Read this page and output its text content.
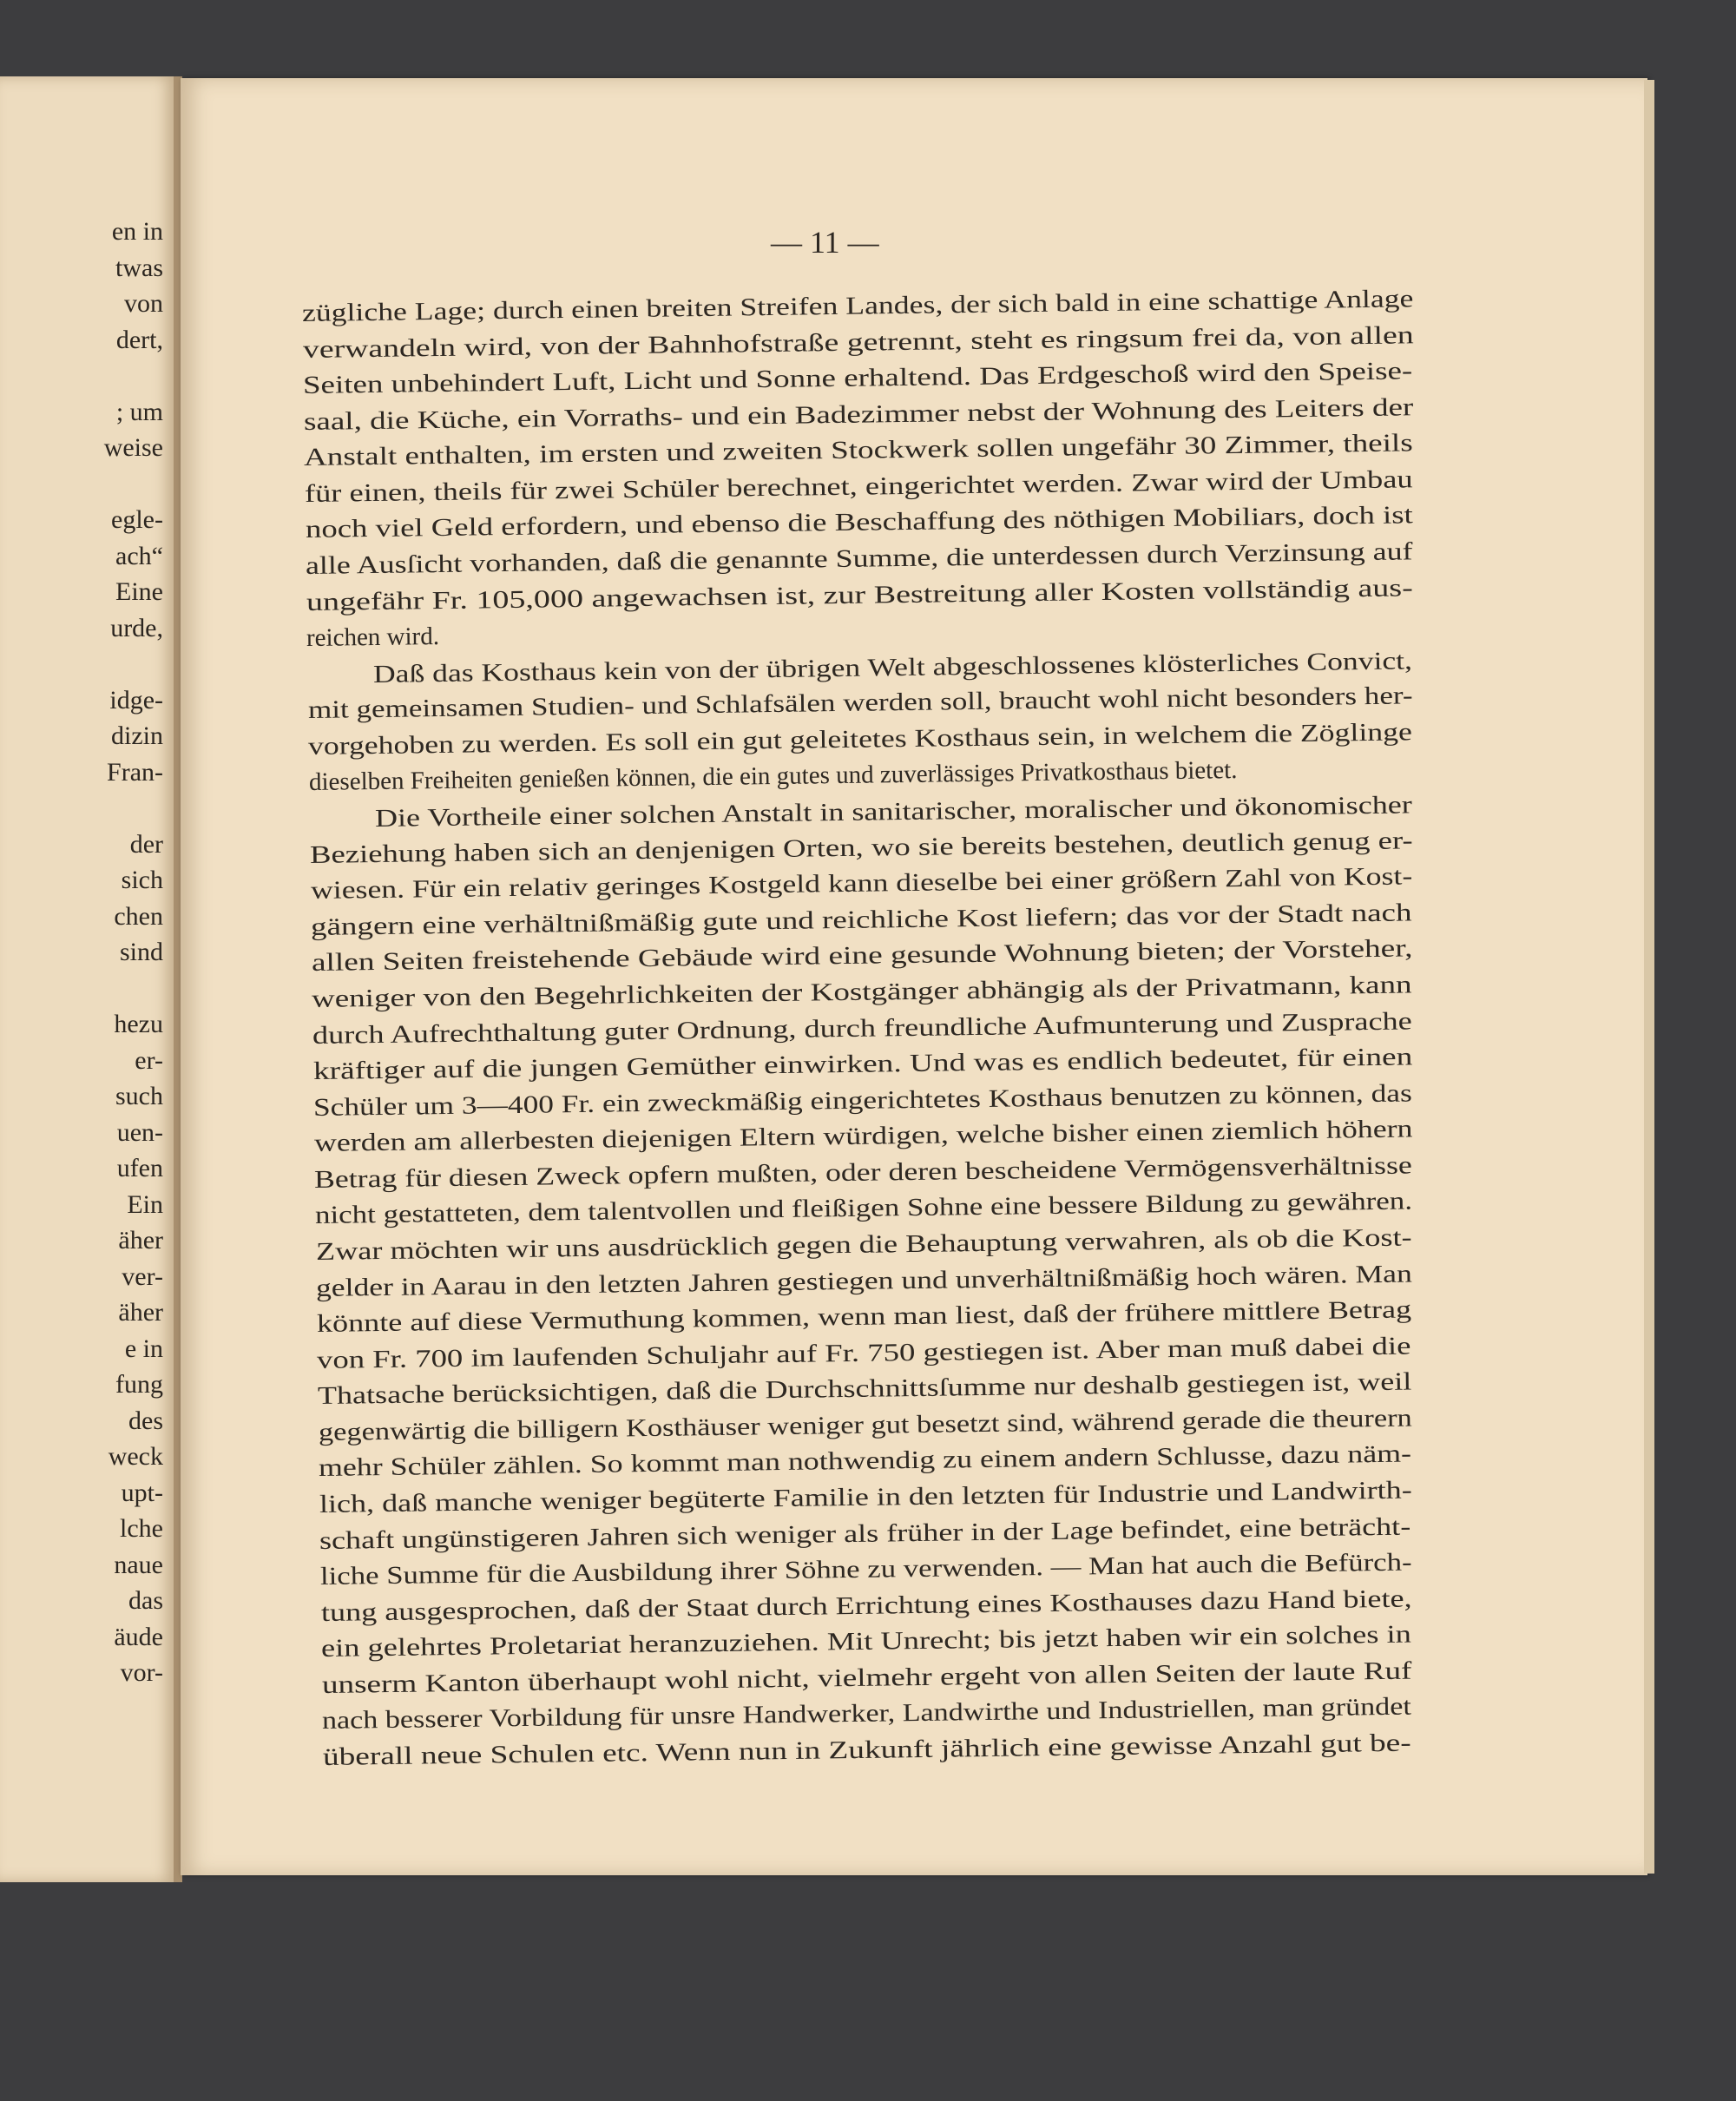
en in

twas

von

dert,

; um

weise

egle-

ach“

Eine

urde,

idge-

dizin

Fran-

der

sich

chen

sind

hezu

er-

such

uen-

ufen

Ein

äher

ver-

äher

e in

fung

des

weck

upt-

lche

naue

das

äude

vor-

— 11 —

zügliche Lage; durch einen breiten Streifen Landes, der sich bald in eine schattige Anlage

verwandeln wird, von der Bahnhofstraße getrennt, steht es ringsum frei da, von allen

Seiten unbehindert Luft, Licht und Sonne erhaltend. Das Erdgeschoß wird den Speise-

saal, die Küche, ein Vorraths- und ein Badezimmer nebst der Wohnung des Leiters der

Anstalt enthalten, im ersten und zweiten Stockwerk sollen ungefähr 30 Zimmer, theils

für einen, theils für zwei Schüler berechnet, eingerichtet werden. Zwar wird der Umbau

noch viel Geld erfordern, und ebenso die Beschaffung des nöthigen Mobiliars, doch ist

alle Ausſicht vorhanden, daß die genannte Summe, die unterdessen durch Verzinsung auf

ungefähr Fr. 105,000 angewachsen ist, zur Bestreitung aller Kosten vollständig aus-

reichen wird.

Daß das Kosthaus kein von der übrigen Welt abgeschlossenes klösterliches Convict,

mit gemeinsamen Studien- und Schlafsälen werden soll, braucht wohl nicht besonders her-

vorgehoben zu werden. Es soll ein gut geleitetes Kosthaus sein, in welchem die Zöglinge

dieselben Freiheiten genießen können, die ein gutes und zuverlässiges Privatkosthaus bietet.

Die Vortheile einer solchen Anstalt in sanitarischer, moralischer und ökonomischer

Beziehung haben sich an denjenigen Orten, wo sie bereits bestehen, deutlich genug er-

wiesen. Für ein relativ geringes Kostgeld kann dieselbe bei einer größern Zahl von Kost-

gängern eine verhältnißmäßig gute und reichliche Kost liefern; das vor der Stadt nach

allen Seiten freistehende Gebäude wird eine gesunde Wohnung bieten; der Vorsteher,

weniger von den Begehrlichkeiten der Kostgänger abhängig als der Privatmann, kann

durch Aufrechthaltung guter Ordnung, durch freundliche Aufmunterung und Zusprache

kräftiger auf die jungen Gemüther einwirken. Und was es endlich bedeutet, für einen

Schüler um 3—400 Fr. ein zweckmäßig eingerichtetes Kosthaus benutzen zu können, das

werden am allerbesten diejenigen Eltern würdigen, welche bisher einen ziemlich höhern

Betrag für diesen Zweck opfern mußten, oder deren bescheidene Vermögensverhältnisse

nicht gestatteten, dem talentvollen und fleißigen Sohne eine bessere Bildung zu gewähren.

Zwar möchten wir uns ausdrücklich gegen die Behauptung verwahren, als ob die Kost-

gelder in Aarau in den letzten Jahren gestiegen und unverhältnißmäßig hoch wären. Man

könnte auf diese Vermuthung kommen, wenn man liest, daß der frühere mittlere Betrag

von Fr. 700 im laufenden Schuljahr auf Fr. 750 gestiegen ist. Aber man muß dabei die

Thatsache berücksichtigen, daß die Durchschnittsſumme nur deshalb gestiegen ist, weil

gegenwärtig die billigern Kosthäuser weniger gut besetzt sind, während gerade die theurern

mehr Schüler zählen. So kommt man nothwendig zu einem andern Schlusse, dazu näm-

lich, daß manche weniger begüterte Familie in den letzten für Industrie und Landwirth-

schaft ungünstigeren Jahren sich weniger als früher in der Lage befindet, eine beträcht-

liche Summe für die Ausbildung ihrer Söhne zu verwenden. — Man hat auch die Befürch-

tung ausgesprochen, daß der Staat durch Errichtung eines Kosthauses dazu Hand biete,

ein gelehrtes Proletariat heranzuziehen. Mit Unrecht; bis jetzt haben wir ein solches in

unserm Kanton überhaupt wohl nicht, vielmehr ergeht von allen Seiten der laute Ruf

nach besserer Vorbildung für unsre Handwerker, Landwirthe und Industriellen, man gründet

überall neue Schulen etc. Wenn nun in Zukunft jährlich eine gewisse Anzahl gut be-
